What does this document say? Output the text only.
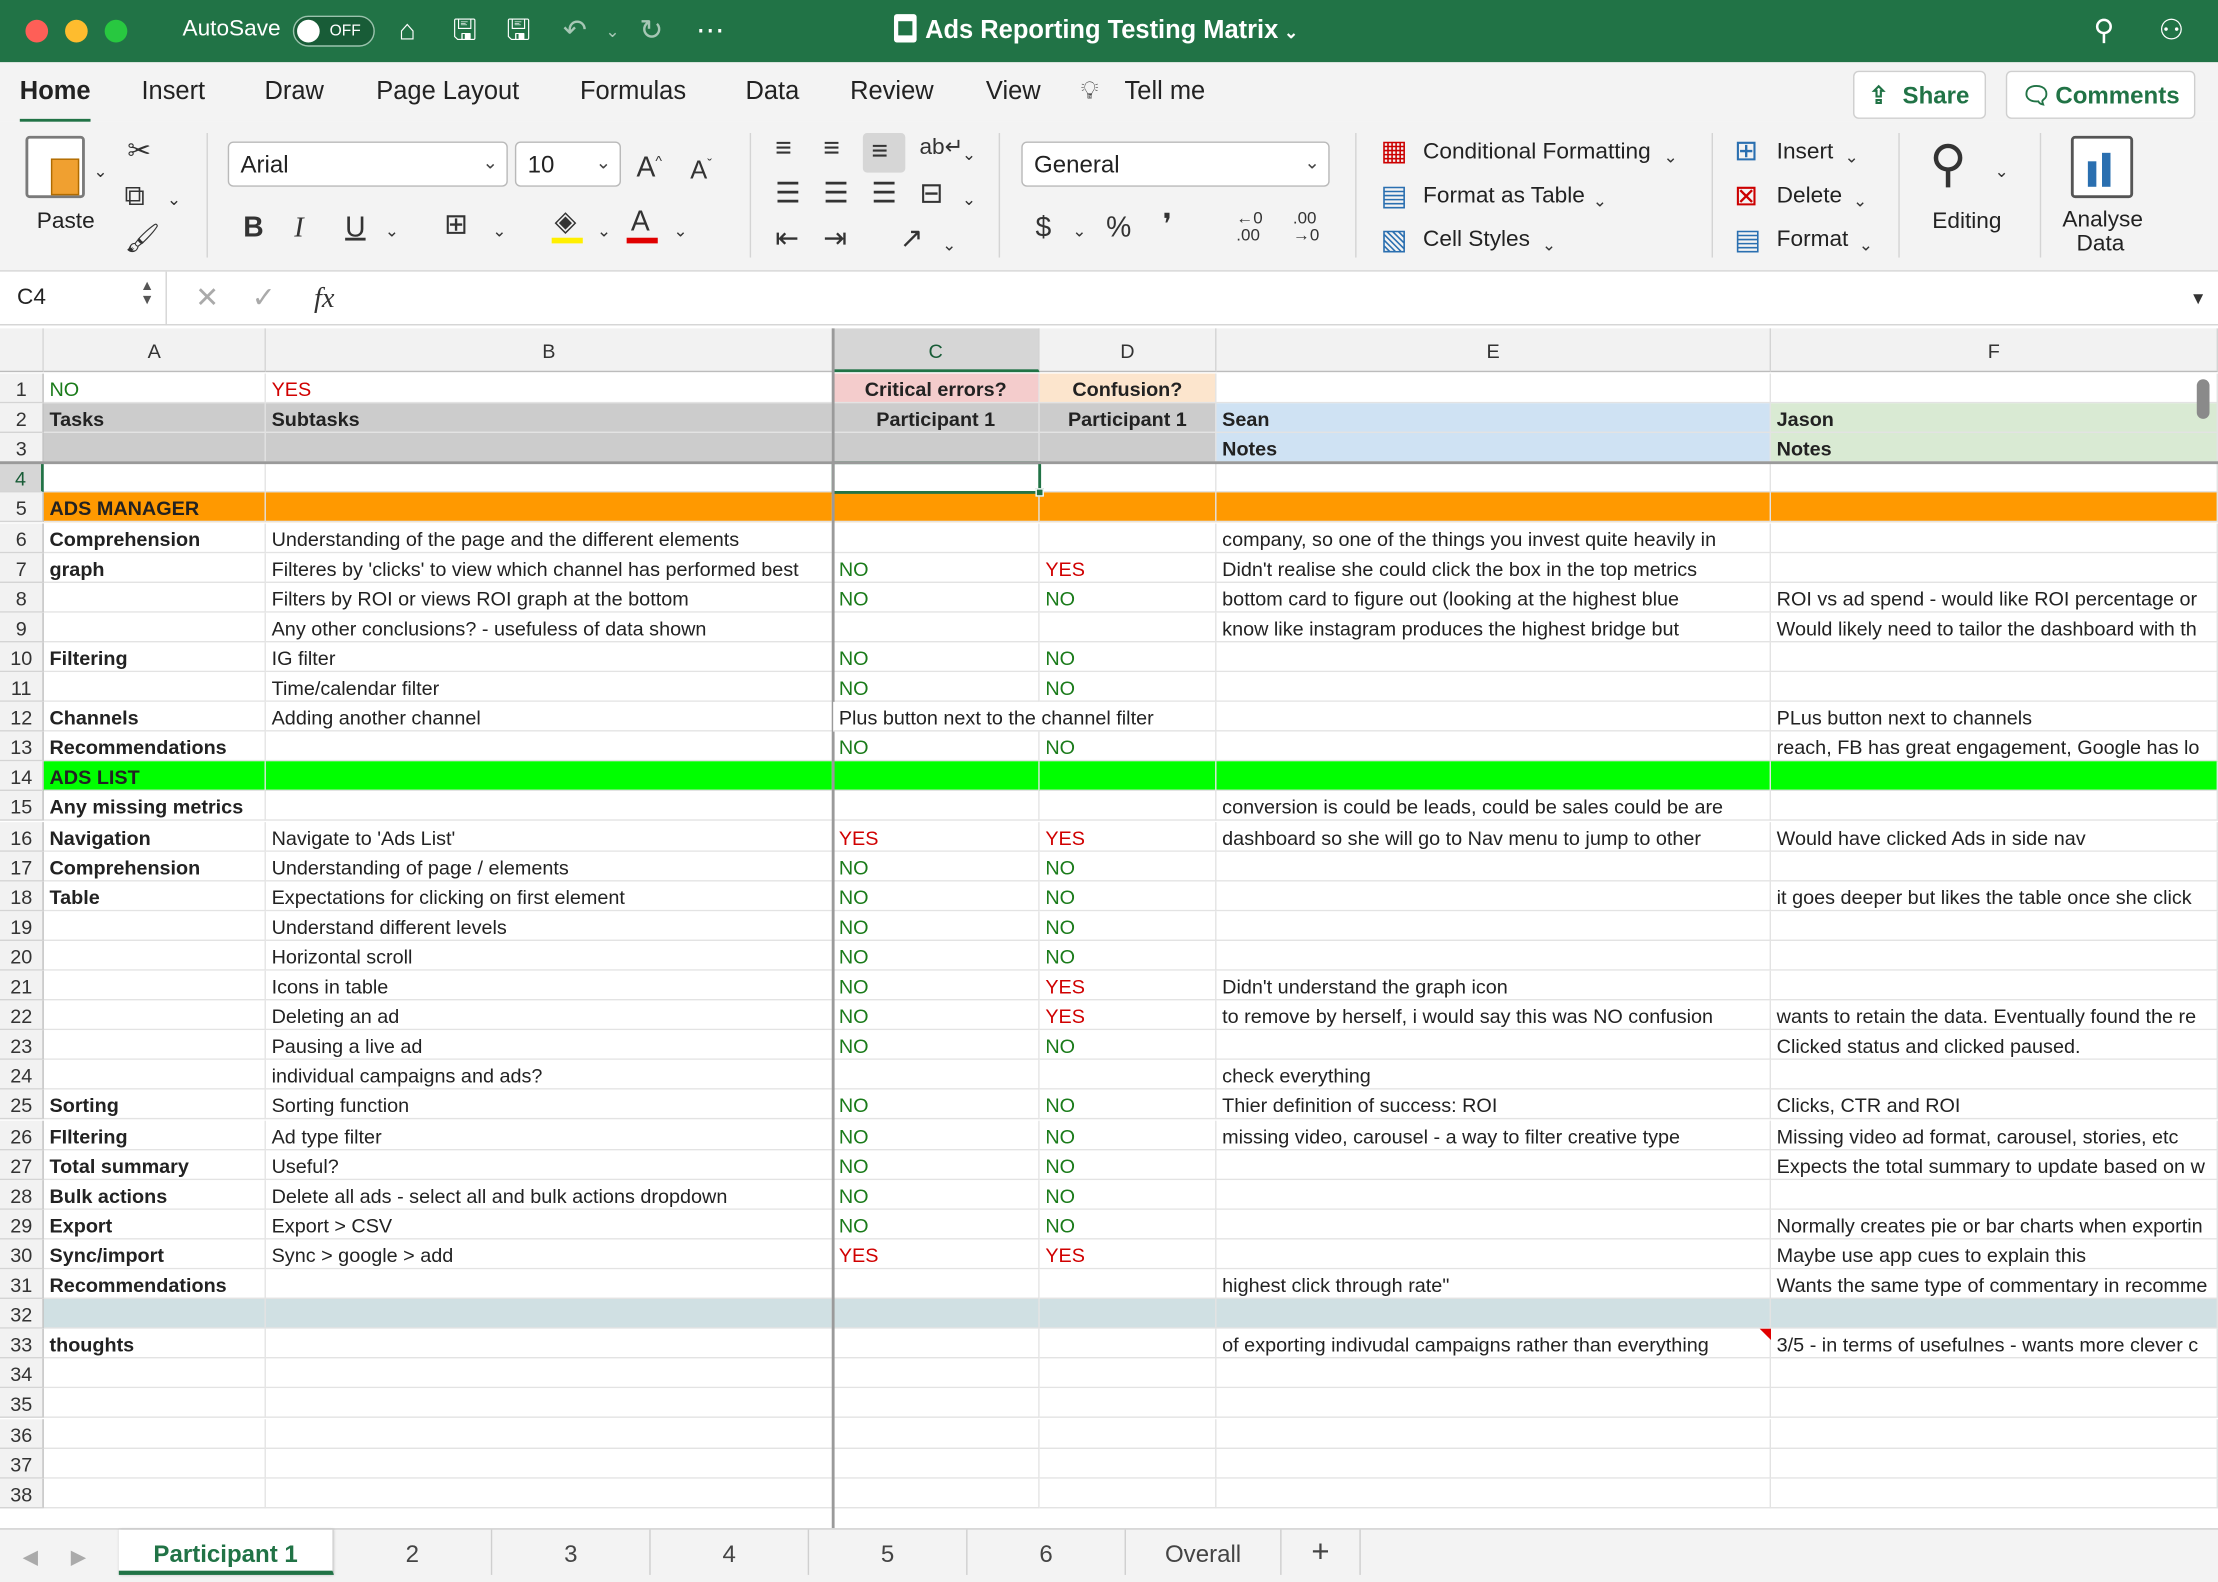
AutoSave	OFF ⌂ 🖫 🖫 ↶ ⌄ ↻ ⋯	Ads Reporting Testing Matrix ⌄	⚲ ⚇
Home	Insert	Draw	Page Layout	Formulas	Data	Review	View 💡︎ Tell me	⇪ Share	🗨︎ Comments
⌄
Paste
✂
⧉ ⌄
🖌︎
Arial	⌄	10	⌄ A^ $A^ˇ$
B I U ⌄ ⊞ ⌄ ◈ ⌄ A ⌄
≡ ≡ ≡ ab↵
⌄
☰ ☰ ☰ ⊟ ⌄
⇤ ⇥	↗ ⌄
General	⌄
$ ⌄ % ❜	←0
.00
.00
→0
▦ Conditional Formatting ⌄
▤ Format as Table ⌄
▧ Cell Styles ⌄
⊞ Insert ⌄
⊠ Delete ⌄
▤ Format ⌄
⚲ ⌄
Editing	Analyse
Data
C4	▲
▼ ✕ ✓ fx	▼
A	B	C	D	E	F
1	NO	YES	Critical errors?	Confusion?
2	Tasks	Subtasks	Participant 1	Participant 1	Sean	Jason
3	Notes	Notes
4
5	ADS MANAGER
6	Comprehension	Understanding of the page and the different elements	company, so one of the things you invest quite heavily in
7	graph	Filteres by 'clicks' to view which channel has performed best	NO	YES	Didn't realise she could click the box in the top metrics
8	Filters by ROI or views ROI graph at the bottom	NO	NO	bottom card to figure out (looking at the highest blue	ROI vs ad spend - would like ROI percentage or
9	Any other conclusions? - usefuless of data shown	know like instagram produces the highest bridge but	Would likely need to tailor the dashboard with th
10	Filtering	IG filter	NO	NO
11	Time/calendar filter	NO	NO
12	Channels	Adding another channel	Plus button next to the channel filter	PLus button next to channels
13	Recommendations	NO	NO	reach, FB has great engagement, Google has lo
14	ADS LIST
15	Any missing metrics	conversion is could be leads, could be sales could be are
16	Navigation	Navigate to 'Ads List'	YES	YES	dashboard so she will go to Nav menu to jump to other	Would have clicked Ads in side nav
17	Comprehension	Understanding of page / elements	NO	NO
18	Table	Expectations for clicking on first element	NO	NO	it goes deeper but likes the table once she click
19	Understand different levels	NO	NO
20	Horizontal scroll	NO	NO
21	Icons in table	NO	YES	Didn't understand the graph icon
22	Deleting an ad	NO	YES	to remove by herself, i would say this was NO confusion	wants to retain the data. Eventually found the re
23	Pausing a live ad	NO	NO	Clicked status and clicked paused.
24	individual campaigns and ads?	check everything
25	Sorting	Sorting function	NO	NO	Thier definition of success: ROI	Clicks, CTR and ROI
26	FIltering	Ad type filter	NO	NO	missing video, carousel - a way to filter creative type	Missing video ad format, carousel, stories, etc
27	Total summary	Useful?	NO	NO	Expects the total summary to update based on w
28	Bulk actions	Delete all ads - select all and bulk actions dropdown	NO	NO
29	Export	Export > CSV	NO	NO	Normally creates pie or bar charts when exportin
30	Sync/import	Sync > google > add	YES	YES	Maybe use app cues to explain this
31	Recommendations	highest click through rate"	Wants the same type of commentary in recomme
32
33	thoughts	of exporting indivudal campaigns rather than everything	3/5 - in terms of usefulnes - wants more clever c
34
35
36
37
38
◀ ▶	Participant 1	2	3	4	5	6	Overall	+
